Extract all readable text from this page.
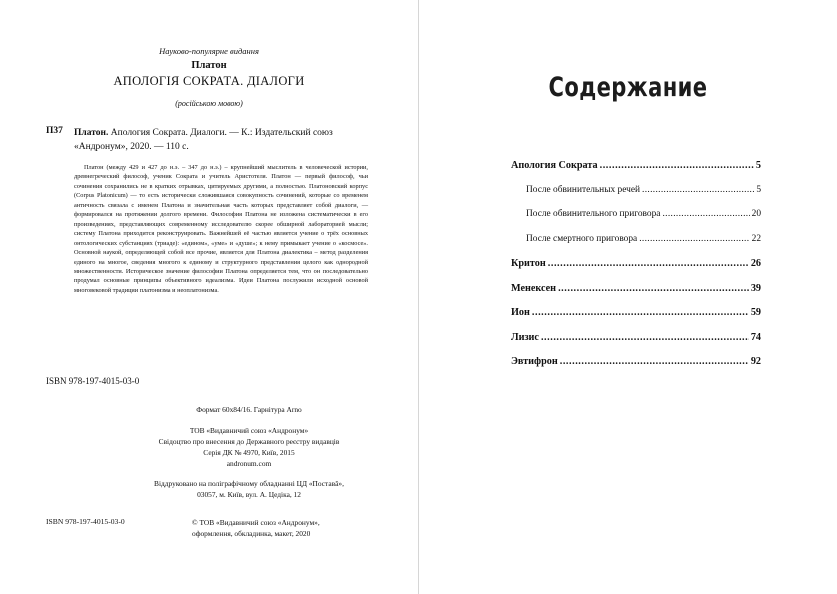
Науково-популярне видання
Платон
АПОЛОГІЯ СОКРАТА. ДІАЛОГИ
(російською мовою)
П37 Платон. Апология Сократа. Диалоги. — К.: Издательский союз «Андронум», 2020. — 110 с.

Платон (между 429 и 427 до н.э. – 347 до н.э.) – крупнейший мыслитель в человеческой истории, древнегреческий философ, ученик Сократа и учитель Аристотеля. Платон — первый философ, чьи сочинения сохранились не в кратких отрывках, цитируемых другими, а полностью. Платоновский корпус (Corpus Platonicum) — то есть исторически сложившаяся совокупность сочинений, которые со временем античность связала с именем Платона и значительная часть которых представляет собой диалоги, — формировался на протяжении долгого времени. Философия Платона не изложена систематически в его произведениях, представляющих современному исследователю скорее обширной лабораторией мысли; систему Платона приходится реконструировать. Важнейшей её частью является учение о трёх основных онтологических субстанциях (триаде): «едином», «уме» и «душе»; к нему примыкает учение о «космосе». Основной наукой, определяющей собой все прочие, является для Платона диалектика – метод разделения единого на многое, сведения многого к единому и структурного представления целого как однородной множественности. Историческое значение философии Платона определяется тем, что он последовательно продумал основные принципы объективного идеализма. Идеи Платона послужили исходной основой многовековой традиции платонизма и неоплатонизма.

ISBN 978-197-4015-03-0
Формат 60х84/16. Гарнітура Arno
ТОВ «Видавничий союз «Андронум»
Свідоцтво про внесення до Державного реєстру видавців
Серія ДК № 4970, Київ, 2015
andronum.com
Віддруковано на поліграфічному обладнанні ЦД «Поставâ»,
03057, м. Київ, вул. А. Цедіка, 12
ISBN 978-197-4015-03-0	© ТОВ «Видавничий союз «Андронум»,
оформлення, обкладинка, макет, 2020
Содержание
Апология Сократа . . .	5
После обвинительных речей . . .	5
После обвинительного приговора . . .	20
После смертного приговора . . .	22
Критон . . .	26
Менексен . . .	39
Ион . . .	59
Лизис . . .	74
Эвтифрон . . .	92
